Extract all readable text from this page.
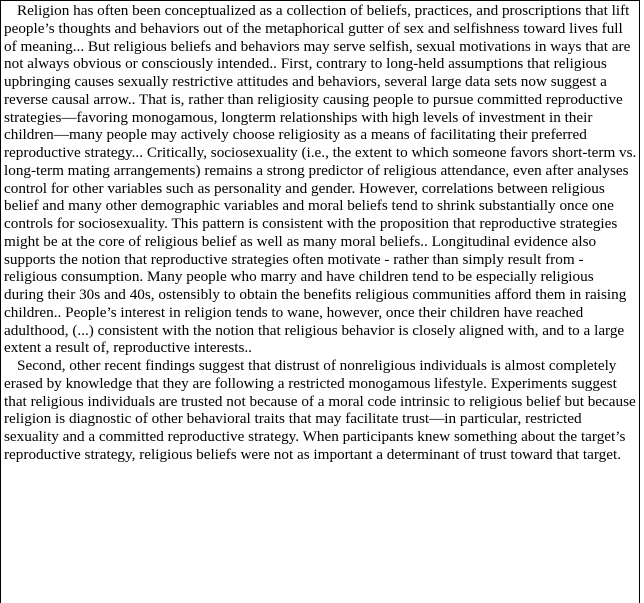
Religion has often been conceptualized as a collection of beliefs, practices, and proscriptions that lift people’s thoughts and behaviors out of the metaphorical gutter of sex and selfishness toward lives full of meaning... But religious beliefs and behaviors may serve selfish, sexual motivations in ways that are not always obvious or consciously intended.. First, contrary to long-held assumptions that religious upbringing causes sexually restrictive attitudes and behaviors, several large data sets now suggest a reverse causal arrow.. That is, rather than religiosity causing people to pursue committed reproductive strategies—favoring monogamous, longterm relationships with high levels of investment in their children—many people may actively choose religiosity as a means of facilitating their preferred reproductive strategy... Critically, sociosexuality (i.e., the extent to which someone favors short-term vs. long-term mating arrangements) remains a strong predictor of religious attendance, even after analyses control for other variables such as personality and gender. However, correlations between religious belief and many other demographic variables and moral beliefs tend to shrink substantially once one controls for sociosexuality. This pattern is consistent with the proposition that reproductive strategies might be at the core of religious belief as well as many moral beliefs.. Longitudinal evidence also supports the notion that reproductive strategies often motivate - rather than simply result from - religious consumption. Many people who marry and have children tend to be especially religious during their 30s and 40s, ostensibly to obtain the benefits religious communities afford them in raising children.. People’s interest in religion tends to wane, however, once their children have reached adulthood, (...) consistent with the notion that religious behavior is closely aligned with, and to a large extent a result of, reproductive interests..

Second, other recent findings suggest that distrust of nonreligious individuals is almost completely erased by knowledge that they are following a restricted monogamous lifestyle. Experiments suggest that religious individuals are trusted not because of a moral code intrinsic to religious belief but because religion is diagnostic of other behavioral traits that may facilitate trust—in particular, restricted sexuality and a committed reproductive strategy. When participants knew something about the target’s reproductive strategy, religious beliefs were not as important a determinant of trust toward that target.
